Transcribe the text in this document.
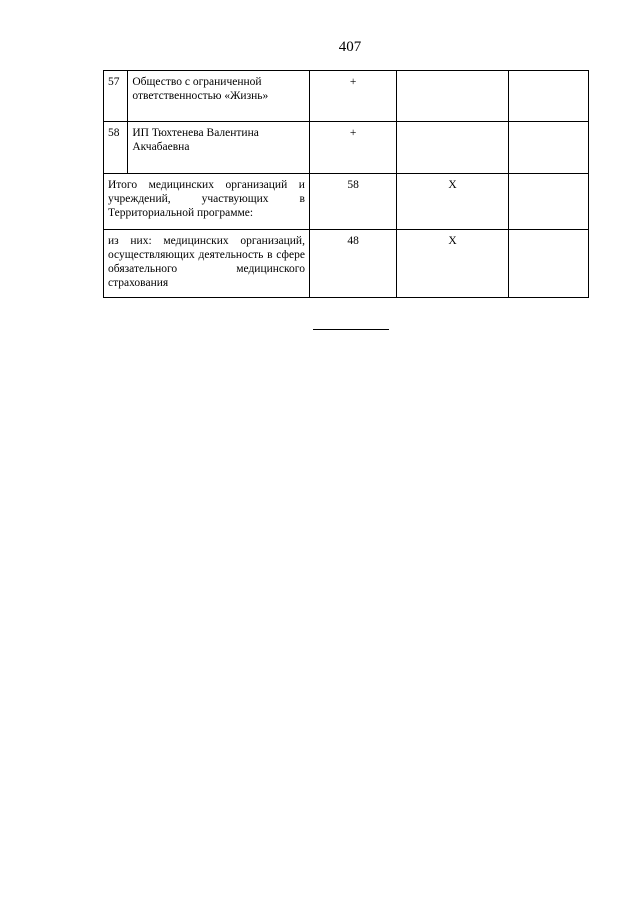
407
57	Общество с ограниченной ответственностью «Жизнь»	+		
58	ИП Тюхтенева Валентина Акчабаевна	+		
Итого медицинских организаций и учреждений, участвующих в Территориальной программе:		58	X	
из них: медицинских организаций, осуществляющих деятельность в сфере обязательного медицинского страхования		48	X	
